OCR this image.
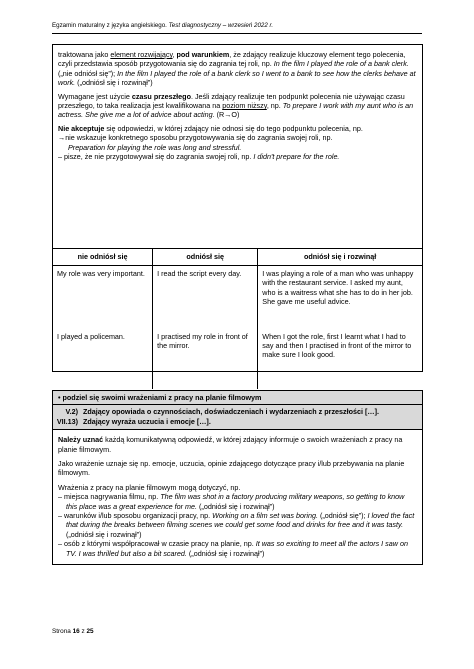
Egzamin maturalny z języka angielskiego. Test diagnostyczny – wrzesień 2022 r.

traktowana jako element rozwijający, pod warunkiem, że zdający realizuje kluczowy element tego polecenia, czyli przedstawia sposób przygotowania się do zagrania tej roli, np. In the film I played the role of a bank clerk. („nie odniósł się”); In the film I played the role of a bank clerk so I went to a bank to see how the clerks behave at work. („odniósł się i rozwinął”)

Wymagane jest użycie czasu przeszłego. Jeśli zdający realizuje ten podpunkt polecenia nie używając czasu przeszłego, to taka realizacja jest kwalifikowana na poziom niższy, np. To prepare I work with my aunt who is an actress. She give me a lot of advice about acting. (R→O)

Nie akceptuje się odpowiedzi, w której zdający nie odnosi się do tego podpunktu polecenia, np.
→nie wskazuje konkretnego sposobu przygotowywania się do zagrania swojej roli, np.
Preparation for playing the role was long and stressful.
– pisze, że nie przygotowywał się do zagrania swojej roli, np. I didn't prepare for the role.

nie odniósł się	odniósł się	odniósł się i rozwinął
My role was very important.	I read the script every day.	I was playing a role of a man who was unhappy with the restaurant service. I asked my aunt, who is a waitress what she has to do in her job. She gave me useful advice.
I played a policeman.	I practised my role in front of the mirror.	When I got the role, first I learnt what I had to say and then I practised in front of the mirror to make sure I look good.
• podziel się swoimi wrażeniami z pracy na planie filmowym
V.2) Zdający opowiada o czynnościach, doświadczeniach i wydarzeniach z przeszłości […].
VII.13) Zdający wyraża uczucia i emocje […].

Należy uznać każdą komunikatywną odpowiedź, w której zdający informuje o swoich wrażeniach z pracy na planie filmowym.

Jako wrażenie uznaje się np. emocje, uczucia, opinie zdającego dotyczące pracy i/lub przebywania na planie filmowym.

Wrażenia z pracy na planie filmowym mogą dotyczyć, np.

– miejsca nagrywania filmu, np. The film was shot in a factory producing military weapons, so getting to know this place was a great experience for me. („odniósł się i rozwinął”)
– warunków i/lub sposobu organizacji pracy, np. Working on a film set was boring. („odniósł się”); I loved the fact that during the breaks between filming scenes we could get some food and drinks for free and it was tasty. („odniósł się i rozwinął”)
– osób z którymi współpracował w czasie pracy na planie, np. It was so exciting to meet all the actors I saw on TV. I was thrilled but also a bit scared. („odniósł się i rozwinął”)
Strona 16 z 25
